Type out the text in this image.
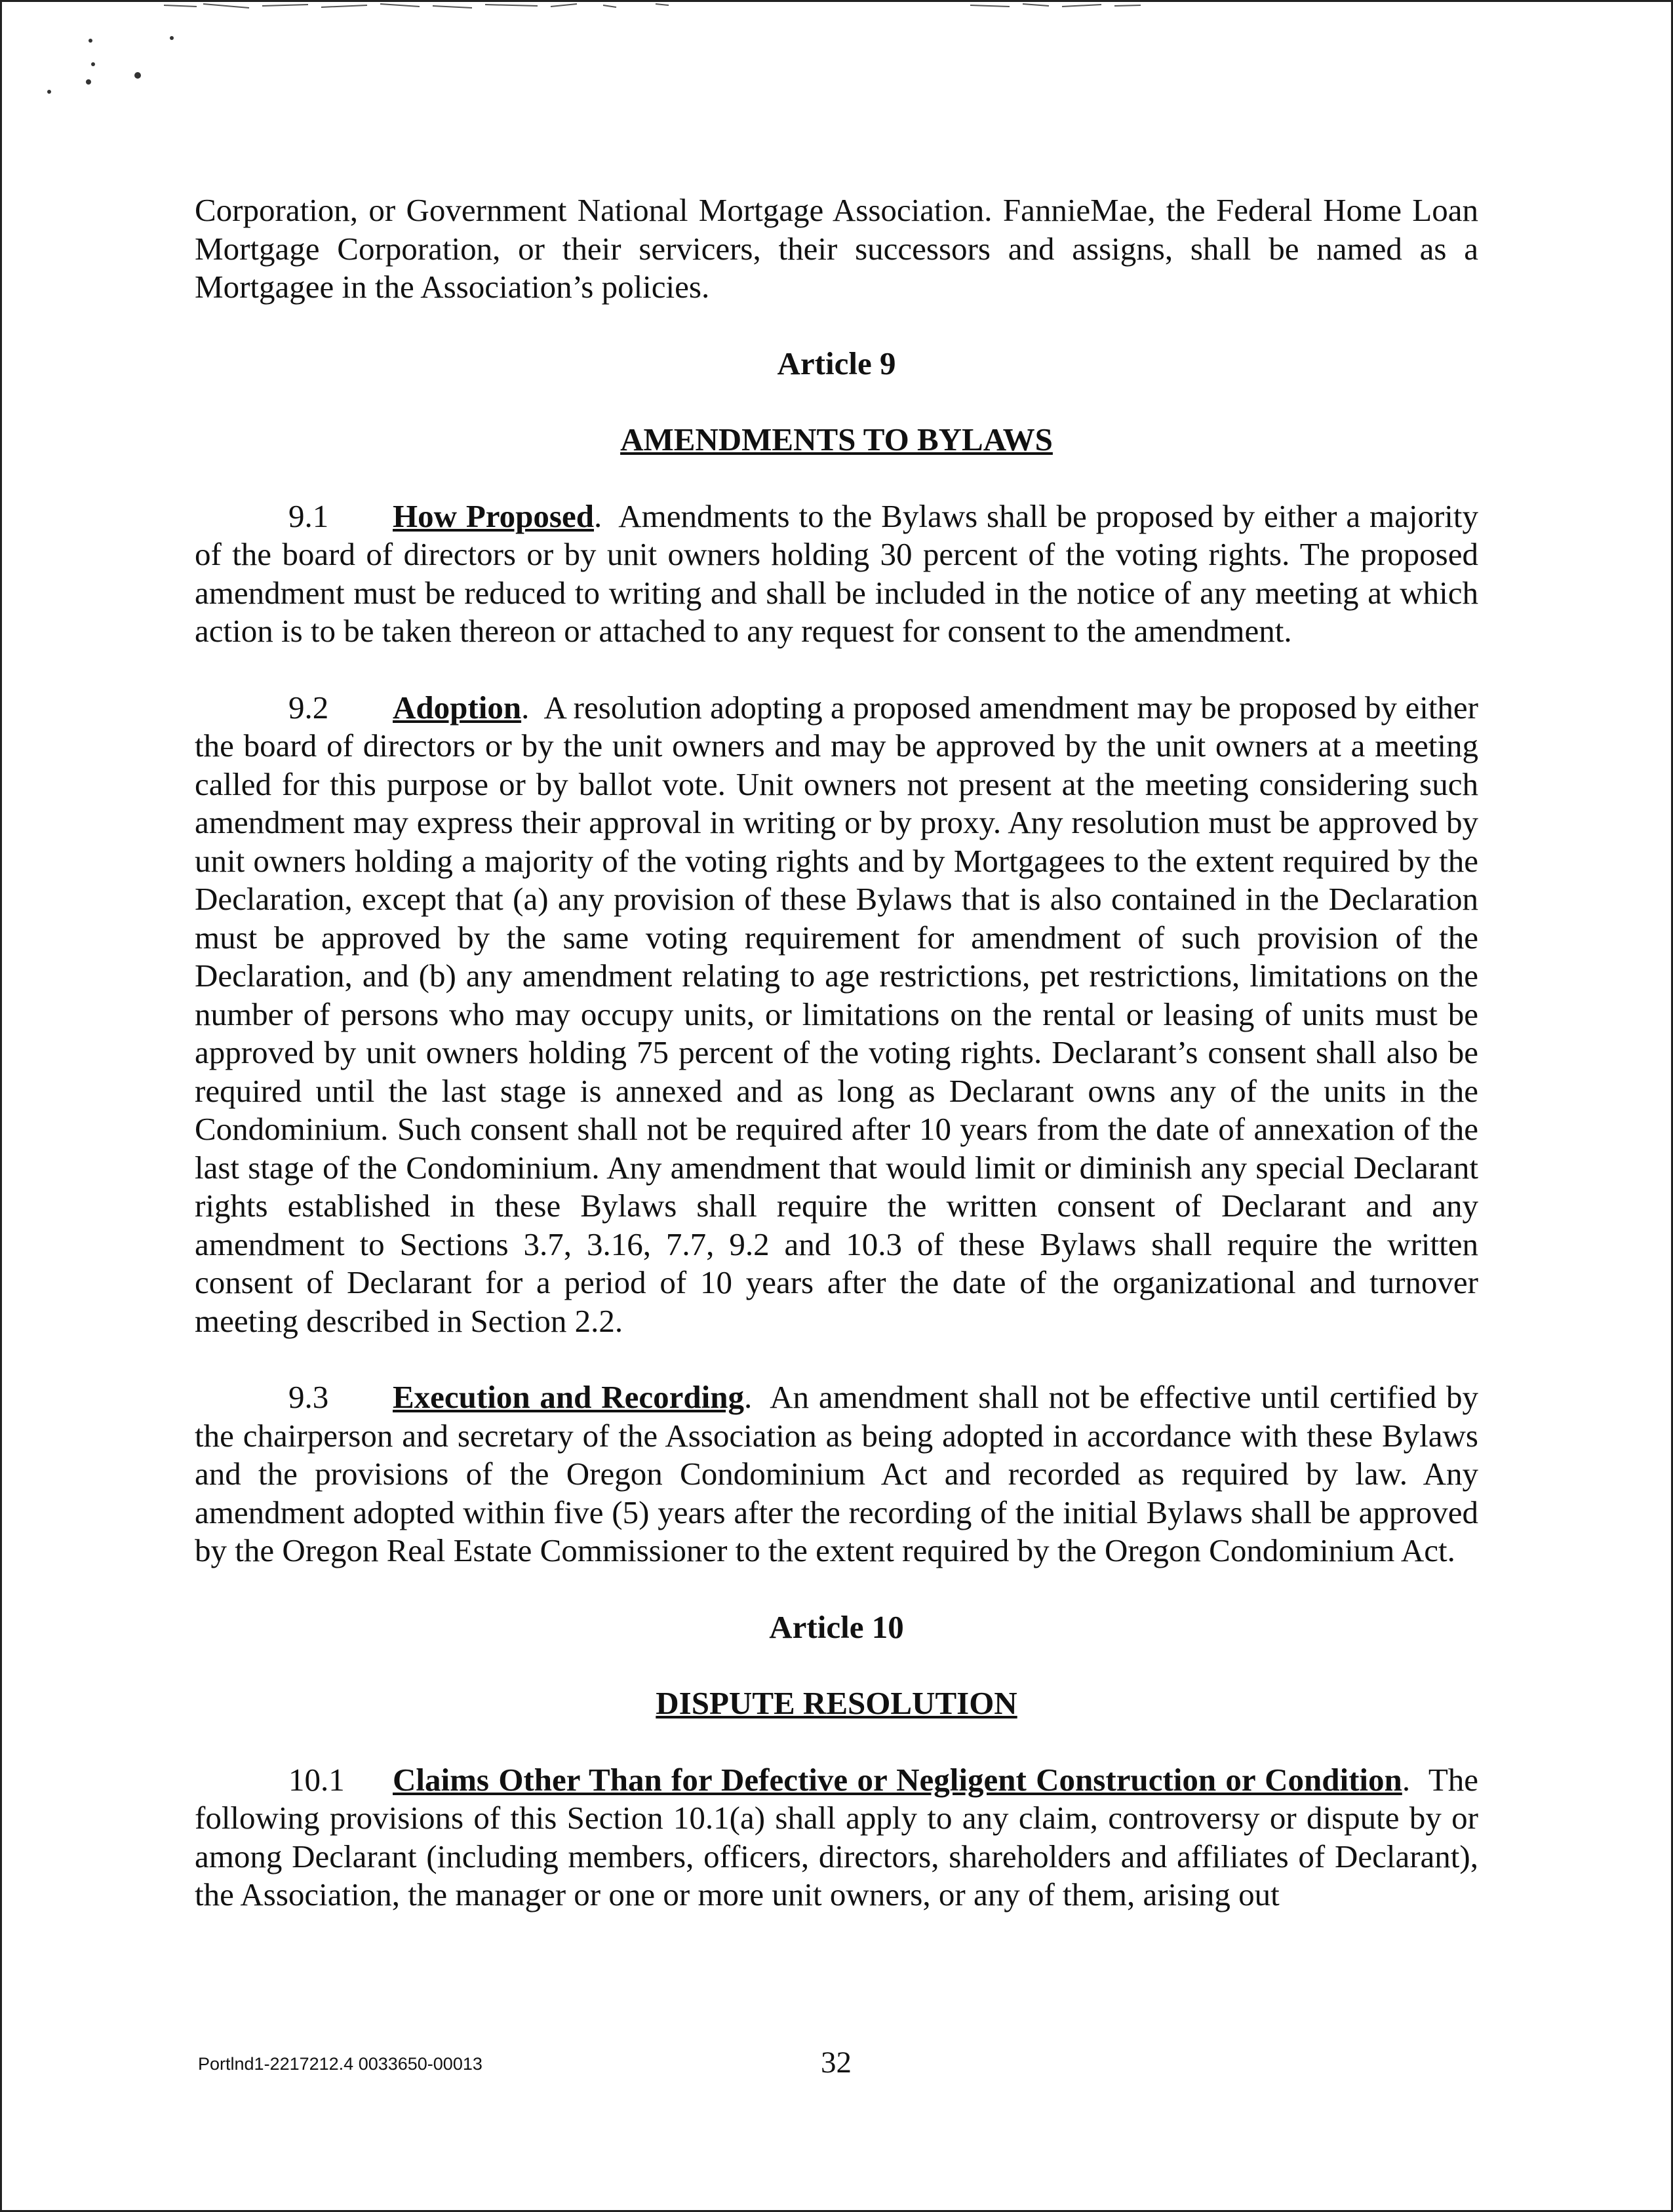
Corporation, or Government National Mortgage Association. FannieMae, the Federal Home Loan Mortgage Corporation, or their servicers, their successors and assigns, shall be named as a Mortgagee in the Association’s policies.

Article 9

AMENDMENTS TO BYLAWS

9.1 How Proposed.  Amendments to the Bylaws shall be proposed by either a majority of the board of directors or by unit owners holding 30 percent of the voting rights. The proposed amendment must be reduced to writing and shall be included in the notice of any meeting at which action is to be taken thereon or attached to any request for consent to the amendment.

9.2 Adoption.  A resolution adopting a proposed amendment may be proposed by either the board of directors or by the unit owners and may be approved by the unit owners at a meeting called for this purpose or by ballot vote. Unit owners not present at the meeting considering such amendment may express their approval in writing or by proxy. Any resolution must be approved by unit owners holding a majority of the voting rights and by Mortgagees to the extent required by the Declaration, except that (a) any provision of these Bylaws that is also contained in the Declaration must be approved by the same voting requirement for amendment of such provision of the Declaration, and (b) any amendment relating to age restrictions, pet restrictions, limitations on the number of persons who may occupy units, or limitations on the rental or leasing of units must be approved by unit owners holding 75 percent of the voting rights. Declarant’s consent shall also be required until the last stage is annexed and as long as Declarant owns any of the units in the Condominium. Such consent shall not be required after 10 years from the date of annexation of the last stage of the Condominium. Any amendment that would limit or diminish any special Declarant rights established in these Bylaws shall require the written consent of Declarant and any amendment to Sections 3.7, 3.16, 7.7, 9.2 and 10.3 of these Bylaws shall require the written consent of Declarant for a period of 10 years after the date of the organizational and turnover meeting described in Section 2.2.

9.3 Execution and Recording.  An amendment shall not be effective until certified by the chairperson and secretary of the Association as being adopted in accordance with these Bylaws and the provisions of the Oregon Condominium Act and recorded as required by law. Any amendment adopted within five (5) years after the recording of the initial Bylaws shall be approved by the Oregon Real Estate Commissioner to the extent required by the Oregon Condominium Act.

Article 10

DISPUTE RESOLUTION

10.1 Claims Other Than for Defective or Negligent Construction or Condition.  The following provisions of this Section 10.1(a) shall apply to any claim, controversy or dispute by or among Declarant (including members, officers, directors, shareholders and affiliates of Declarant), the Association, the manager or one or more unit owners, or any of them, arising out

Portlnd1-2217212.4 0033650-00013	32
